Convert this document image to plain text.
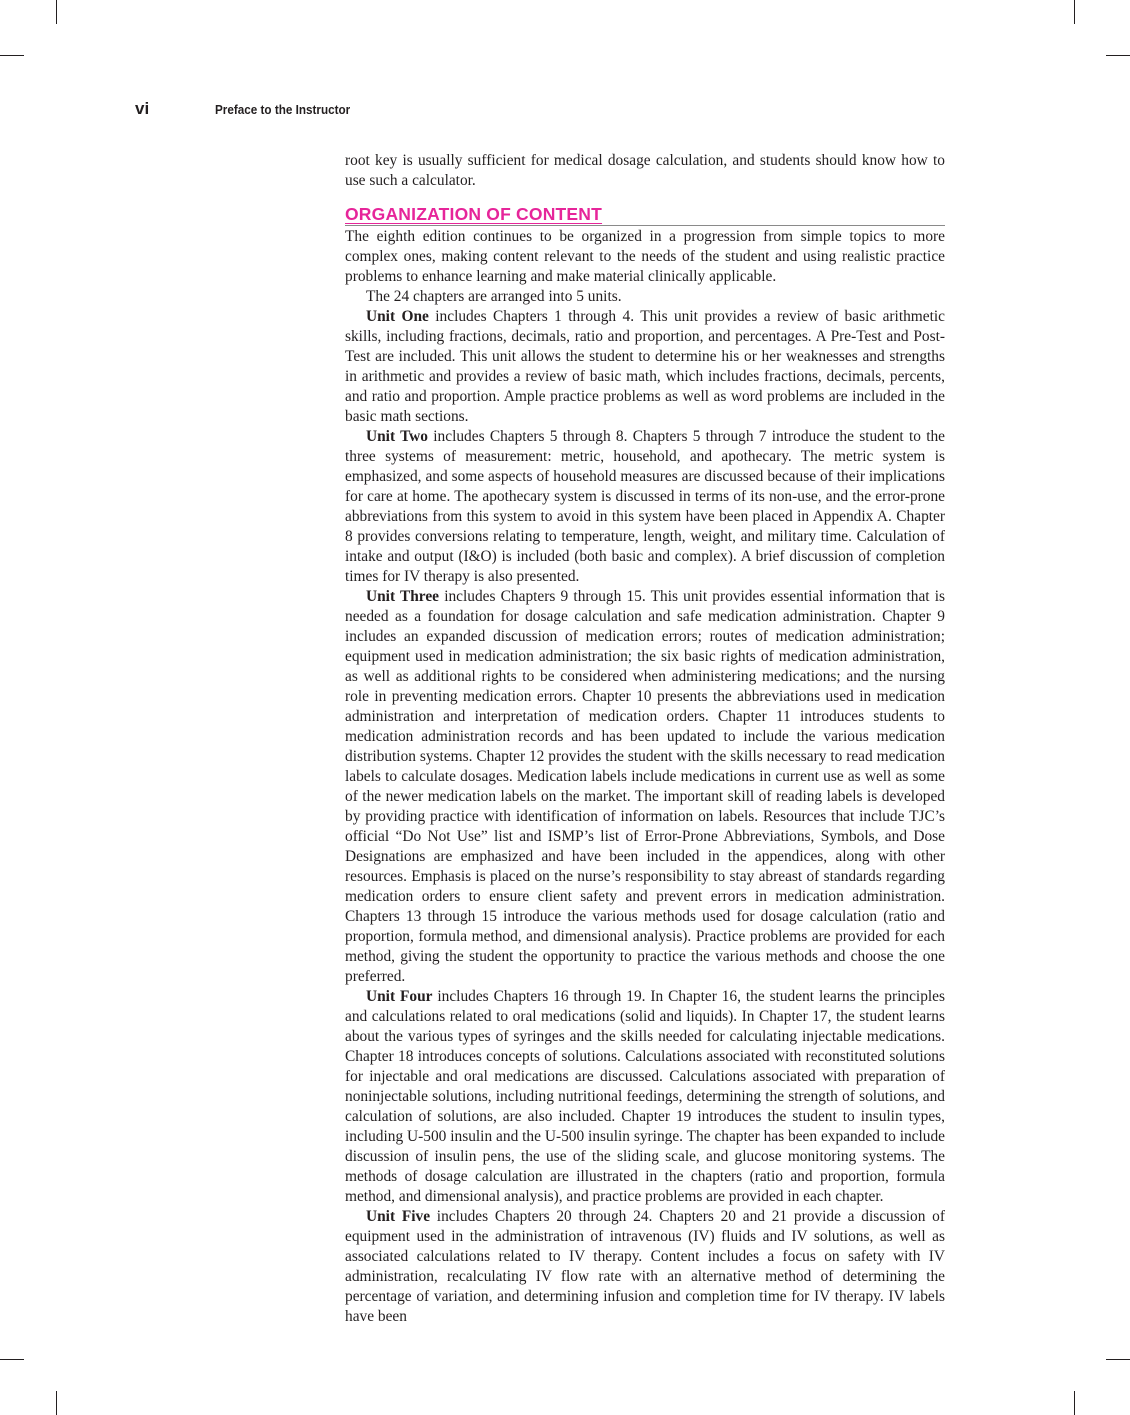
vi	Preface to the Instructor

root key is usually sufficient for medical dosage calculation, and students should know how to use such a calculator.

ORGANIZATION OF CONTENT

The eighth edition continues to be organized in a progression from simple topics to more complex ones, making content relevant to the needs of the student and using realistic practice problems to enhance learning and make material clinically applicable.

The 24 chapters are arranged into 5 units.

Unit One includes Chapters 1 through 4. This unit provides a review of basic arithmetic skills, including fractions, decimals, ratio and proportion, and percentages. A Pre-Test and Post-Test are included. This unit allows the student to determine his or her weaknesses and strengths in arithmetic and provides a review of basic math, which includes fractions, decimals, percents, and ratio and proportion. Ample practice problems as well as word problems are included in the basic math sections.

Unit Two includes Chapters 5 through 8. Chapters 5 through 7 introduce the student to the three systems of measurement: metric, household, and apothecary. The metric system is emphasized, and some aspects of household measures are discussed because of their implications for care at home. The apothecary system is discussed in terms of its non-use, and the error-prone abbreviations from this system to avoid in this system have been placed in Appendix A. Chapter 8 provides conversions relating to temperature, length, weight, and military time. Calculation of intake and output (I&O) is included (both basic and complex). A brief discussion of completion times for IV therapy is also presented.

Unit Three includes Chapters 9 through 15. This unit provides essential information that is needed as a foundation for dosage calculation and safe medication administration. Chapter 9 includes an expanded discussion of medication errors; routes of medication administration; equipment used in medication administration; the six basic rights of medication administration, as well as additional rights to be considered when administering medications; and the nursing role in preventing medication errors. Chapter 10 presents the abbreviations used in medication administration and interpretation of medication orders. Chapter 11 introduces students to medication administration records and has been updated to include the various medication distribution systems. Chapter 12 provides the student with the skills necessary to read medication labels to calculate dosages. Medication labels include medications in current use as well as some of the newer medication labels on the market. The important skill of reading labels is developed by providing practice with identification of information on labels. Resources that include TJC’s official “Do Not Use” list and ISMP’s list of Error-Prone Abbreviations, Symbols, and Dose Designations are emphasized and have been included in the appendices, along with other resources. Emphasis is placed on the nurse’s responsibility to stay abreast of standards regarding medication orders to ensure client safety and prevent errors in medication administration. Chapters 13 through 15 introduce the various methods used for dosage calculation (ratio and proportion, formula method, and dimensional analysis). Practice problems are provided for each method, giving the student the opportunity to practice the various methods and choose the one preferred.

Unit Four includes Chapters 16 through 19. In Chapter 16, the student learns the principles and calculations related to oral medications (solid and liquids). In Chapter 17, the student learns about the various types of syringes and the skills needed for calculating injectable medications. Chapter 18 introduces concepts of solutions. Calculations associated with reconstituted solutions for injectable and oral medications are discussed. Calculations associated with preparation of noninjectable solutions, including nutritional feedings, determining the strength of solutions, and calculation of solutions, are also included. Chapter 19 introduces the student to insulin types, including U-500 insulin and the U-500 insulin syringe. The chapter has been expanded to include discussion of insulin pens, the use of the sliding scale, and glucose monitoring systems. The methods of dosage calculation are illustrated in the chapters (ratio and proportion, formula method, and dimensional analysis), and practice problems are provided in each chapter.

Unit Five includes Chapters 20 through 24. Chapters 20 and 21 provide a discussion of equipment used in the administration of intravenous (IV) fluids and IV solutions, as well as associated calculations related to IV therapy. Content includes a focus on safety with IV administration, recalculating IV flow rate with an alternative method of determining the percentage of variation, and determining infusion and completion time for IV therapy. IV labels have been
